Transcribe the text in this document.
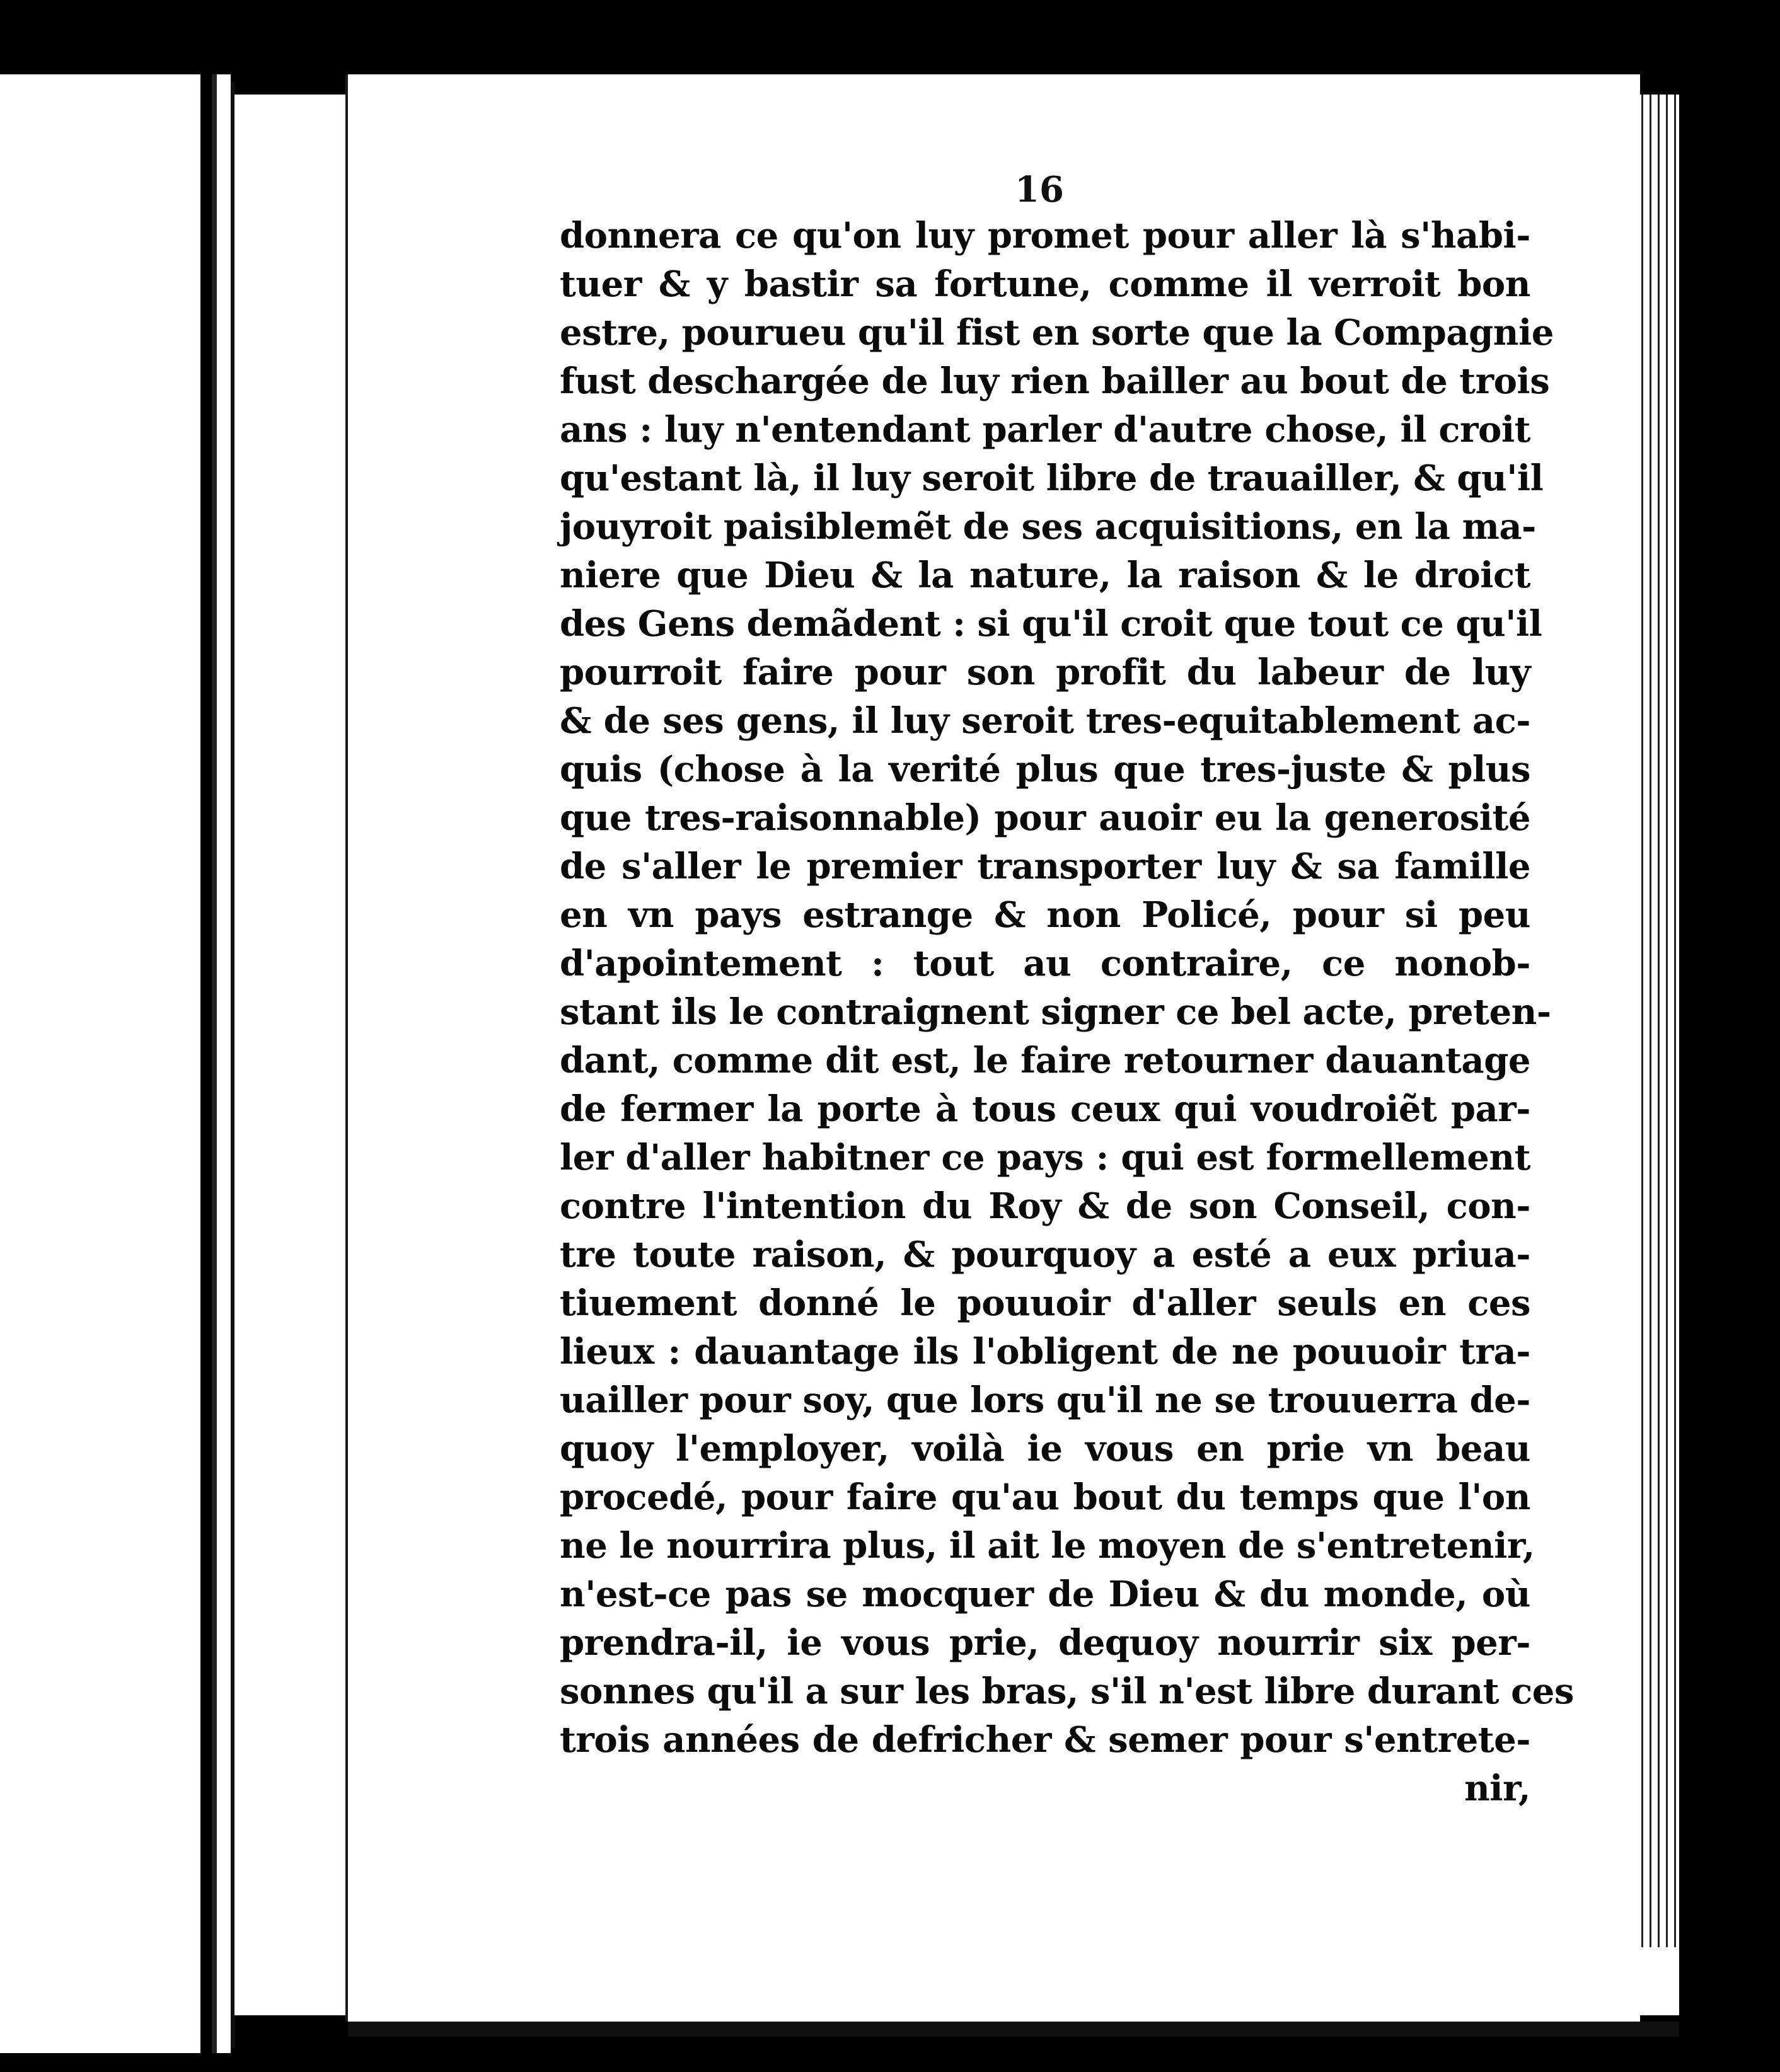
16
donnera ce qu'on luy promet pour aller là s'habi-
tuer & y bastir sa fortune, comme il verroit bon
estre, pourueu qu'il fist en sorte que la Compagnie
fust deschargée de luy rien bailler au bout de trois
ans : luy n'entendant parler d'autre chose, il croit
qu'estant là, il luy seroit libre de trauailler, & qu'il
jouyroit paisiblemẽt de ses acquisitions, en la ma-
niere que Dieu & la nature, la raison & le droict
des Gens demãdent : si qu'il croit que tout ce qu'il
pourroit faire pour son profit du labeur de luy
& de ses gens, il luy seroit tres-equitablement ac-
quis (chose à la verité plus que tres-juste & plus
que tres-raisonnable) pour auoir eu la generosité
de s'aller le premier transporter luy & sa famille
en vn pays estrange & non Policé, pour si peu
d'apointement : tout au contraire, ce nonob-
stant ils le contraignent signer ce bel acte, preten-
dant, comme dit est, le faire retourner dauantage
de fermer la porte à tous ceux qui voudroiẽt par-
ler d'aller habitner ce pays : qui est formellement
contre l'intention du Roy & de son Conseil, con-
tre toute raison, & pourquoy a esté a eux priua-
tiuement donné le pouuoir d'aller seuls en ces
lieux : dauantage ils l'obligent de ne pouuoir tra-
uailler pour soy, que lors qu'il ne se trouuerra de-
quoy l'employer, voilà ie vous en prie vn beau
procedé, pour faire qu'au bout du temps que l'on
ne le nourrira plus, il ait le moyen de s'entretenir,
n'est-ce pas se mocquer de Dieu & du monde, où
prendra-il, ie vous prie, dequoy nourrir six per-
sonnes qu'il a sur les bras, s'il n'est libre durant ces
trois années de defricher & semer pour s'entrete-
nir,
